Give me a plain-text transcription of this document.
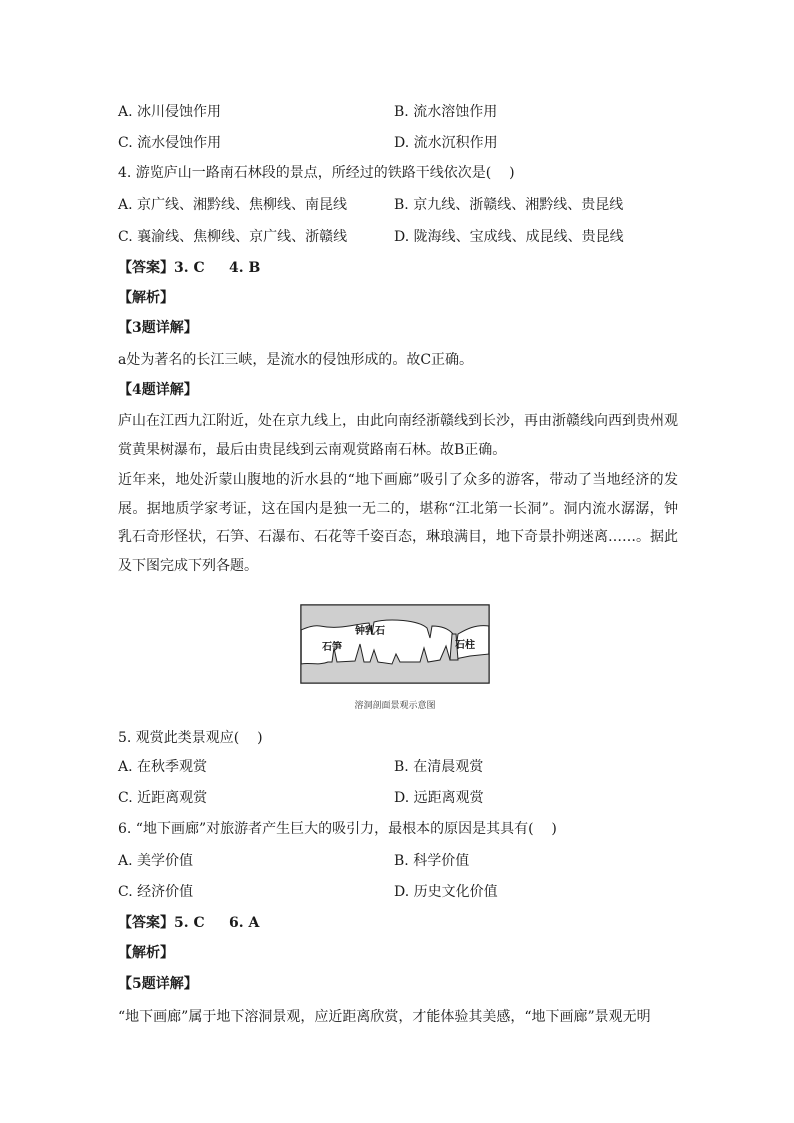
A. 冰川侵蚀作用	B. 流水溶蚀作用
C. 流水侵蚀作用	D. 流水沉积作用
4. 游览庐山一路南石林段的景点，所经过的铁路干线依次是(    )
A. 京广线、湘黔线、焦柳线、南昆线	B. 京九线、浙赣线、湘黔线、贵昆线
C. 襄渝线、焦柳线、京广线、浙赣线	D. 陇海线、宝成线、成昆线、贵昆线
【答案】3. C     4. B
【解析】
【3题详解】
a处为著名的长江三峡，是流水的侵蚀形成的。故C正确。
【4题详解】
庐山在江西九江附近，处在京九线上，由此向南经浙赣线到长沙，再由浙赣线向西到贵州观赏黄果树瀑布，最后由贵昆线到云南观赏路南石林。故B正确。
近年来，地处沂蒙山腹地的沂水县的“地下画廊”吸引了众多的游客，带动了当地经济的发展。据地质学家考证，这在国内是独一无二的，堪称“江北第一长洞”。洞内流水潺潺，钟乳石奇形怪状，石笋、石瀑布、石花等千姿百态，琳琅满目，地下奇景扑朔迷离……。据此及下图完成下列各题。
钟乳石
石笋	石柱
溶洞剖面景观示意图
5. 观赏此类景观应(    )
A. 在秋季观赏	B. 在清晨观赏
C. 近距离观赏	D. 远距离观赏
6. “地下画廊”对旅游者产生巨大的吸引力，最根本的原因是其具有(    )
A. 美学价值	B. 科学价值
C. 经济价值	D. 历史文化价值
【答案】5. C     6. A
【解析】
【5题详解】
“地下画廊”属于地下溶洞景观，应近距离欣赏，才能体验其美感，“地下画廊”景观无明
